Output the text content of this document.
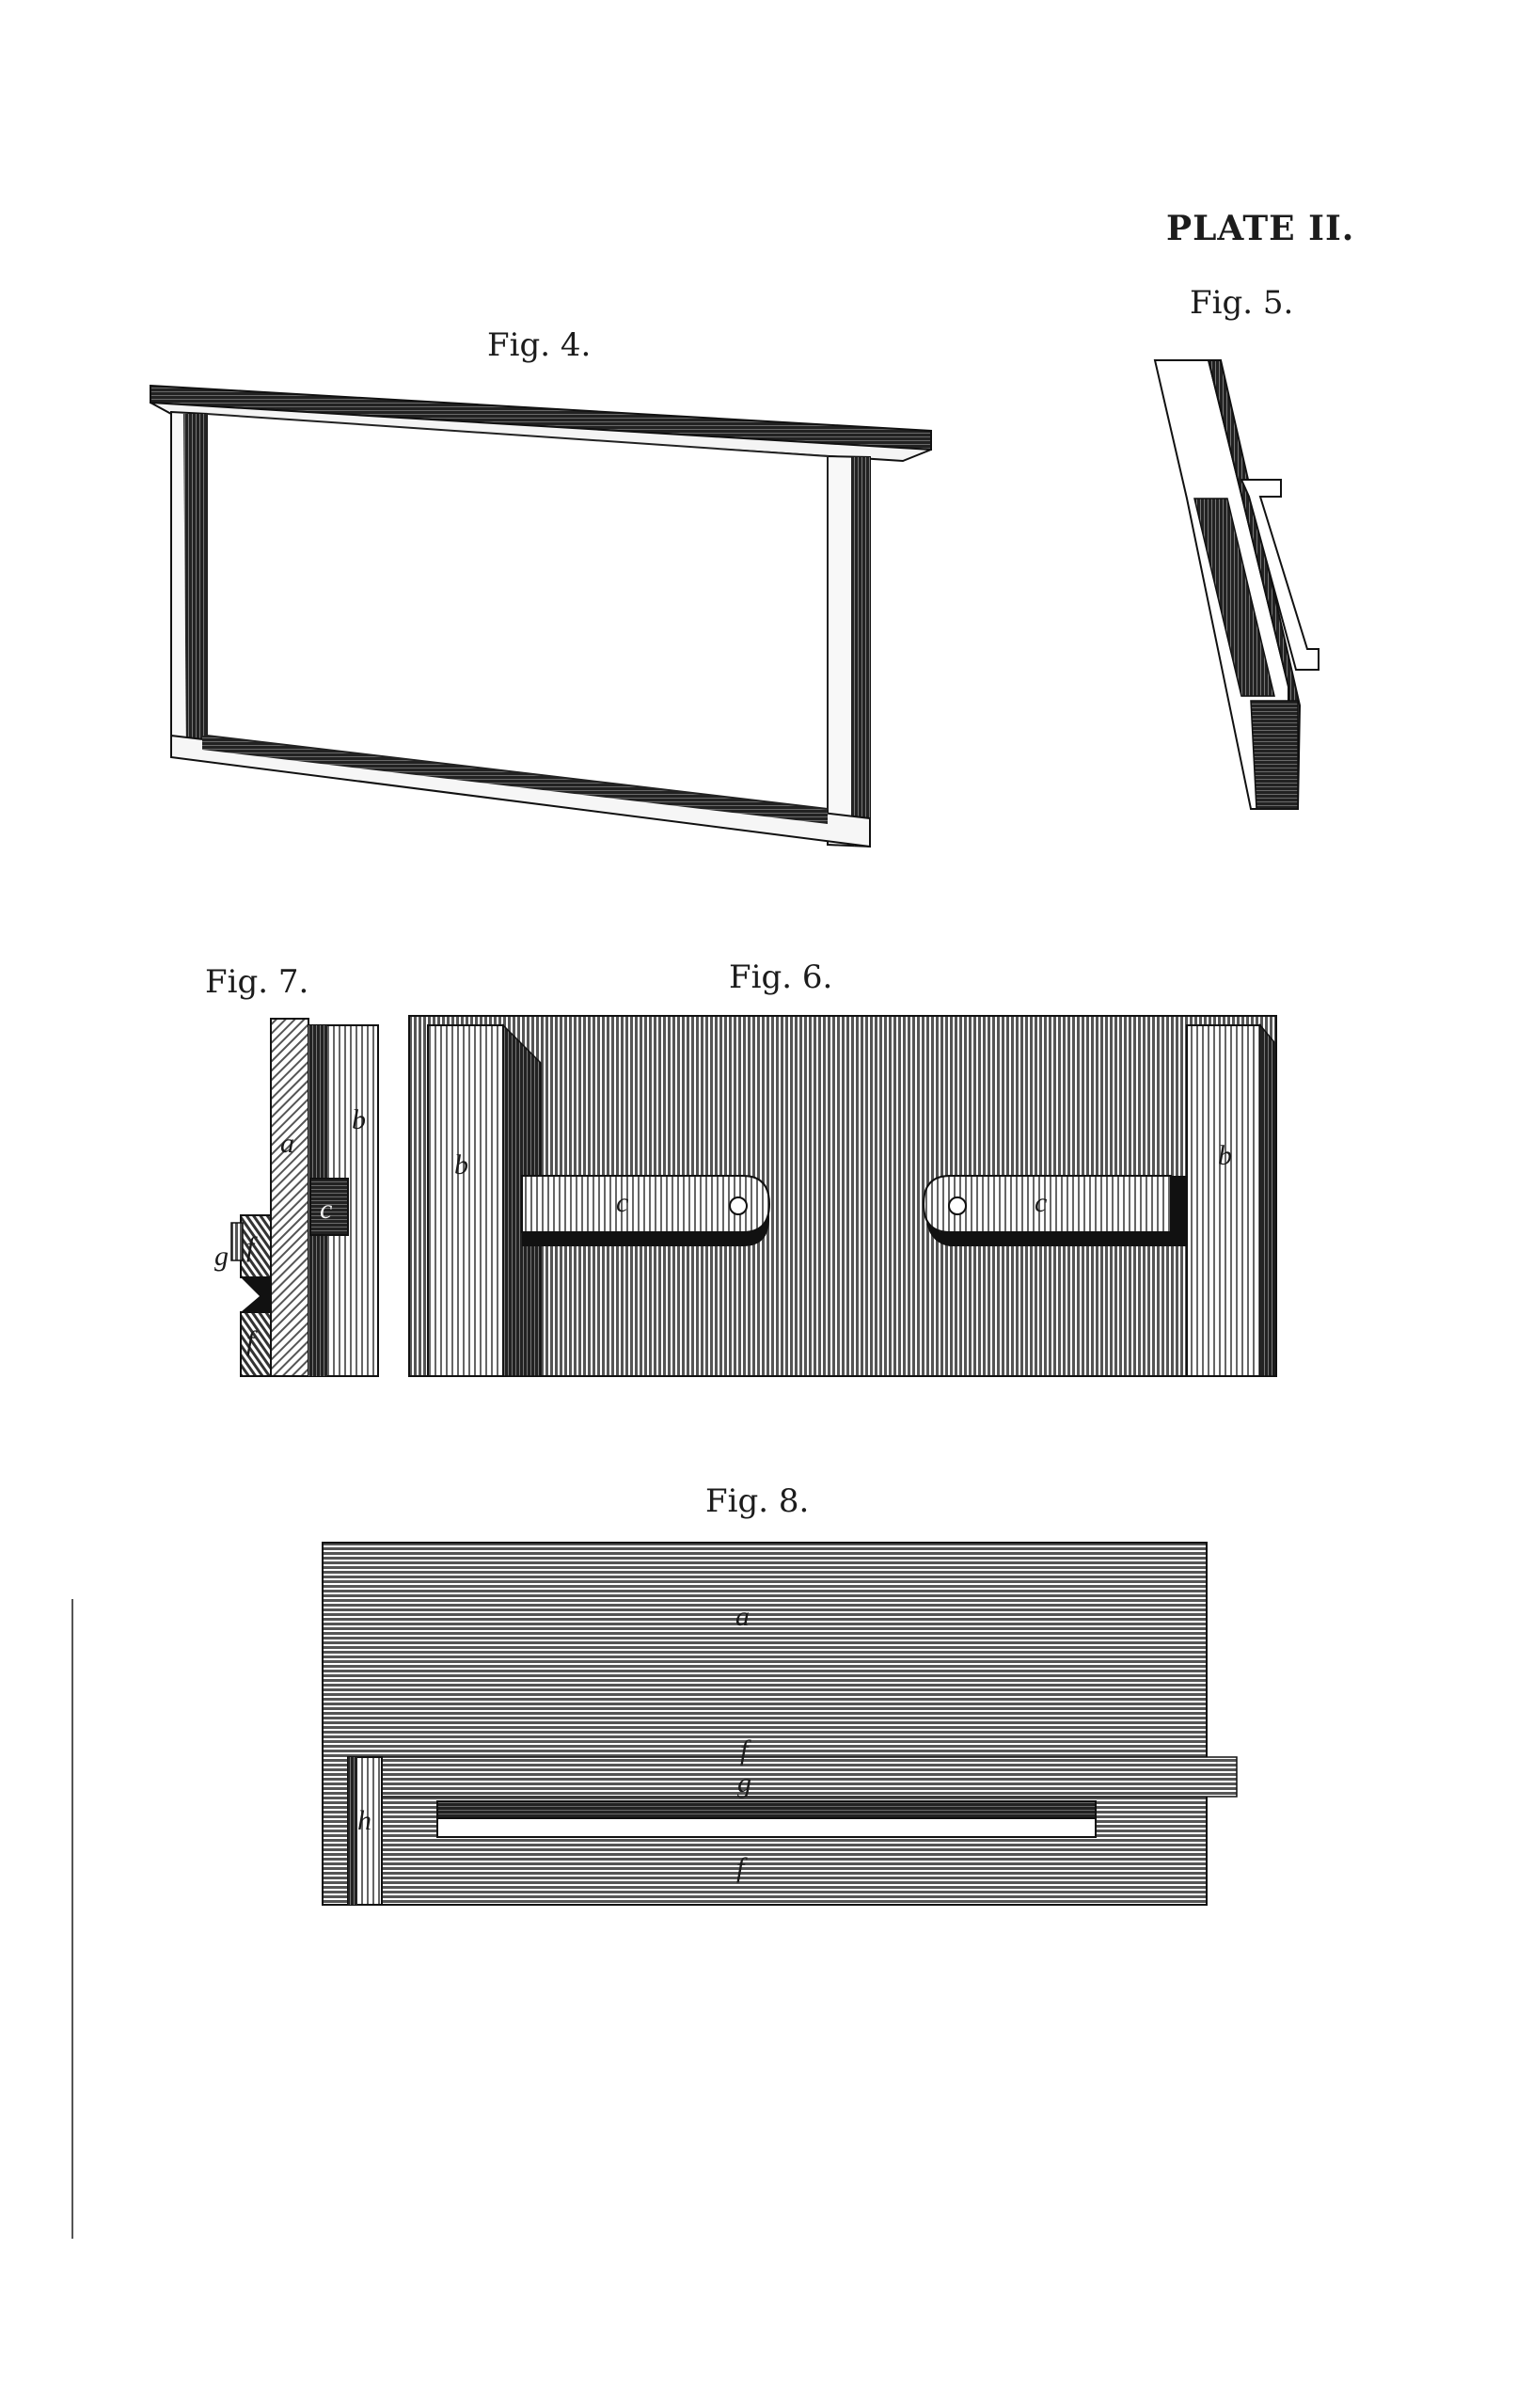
PLATE II.
Fig. 4.
Fig. 5.
Fig. 7.
a
b
c
g f
f
Fig. 6.
b	b
c	c
Fig. 8.
a
f
g
h
f
